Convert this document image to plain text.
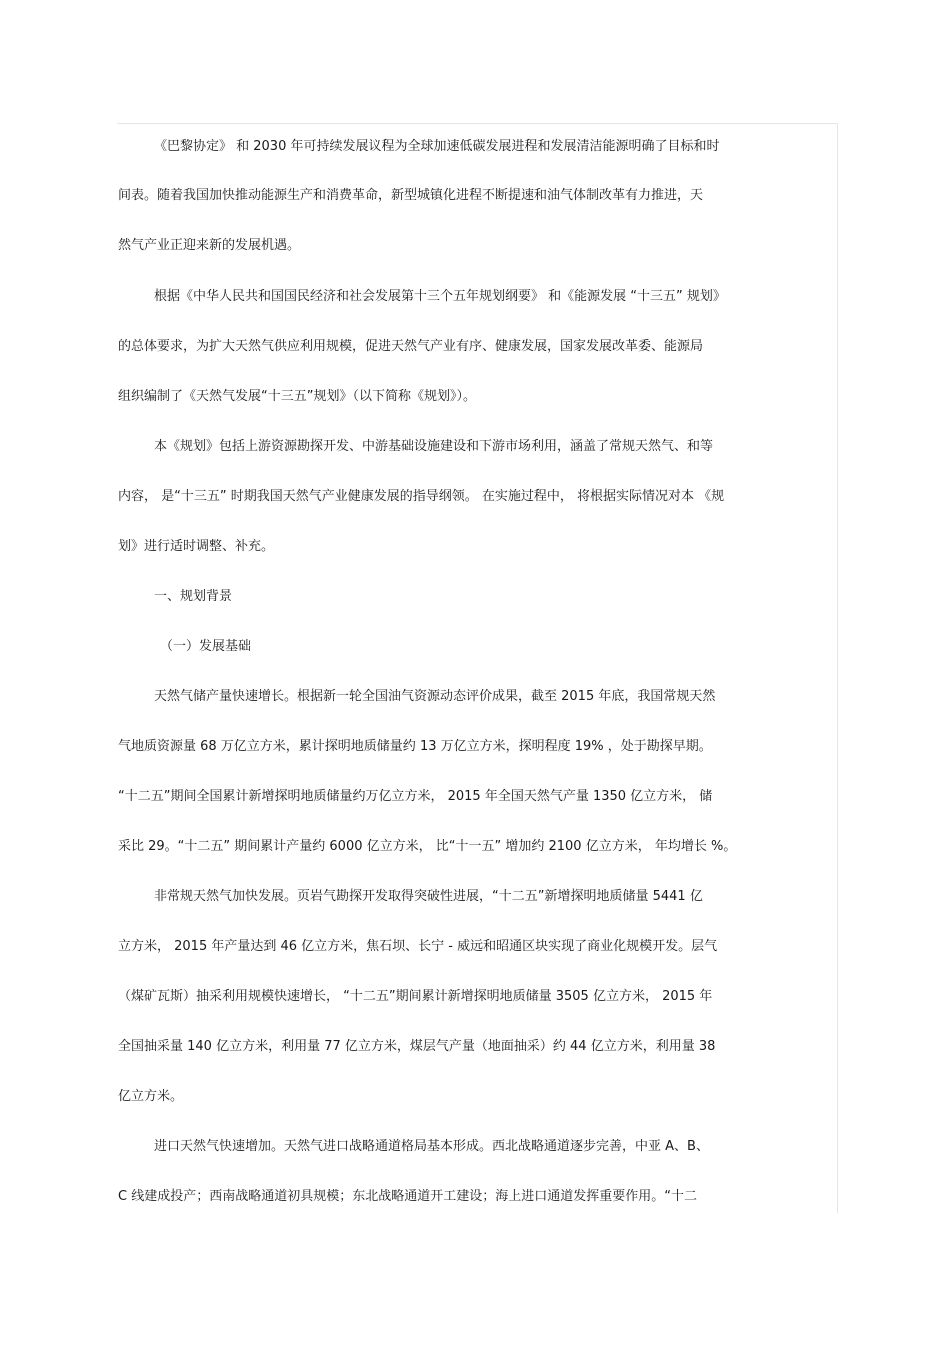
《巴黎协定》 和 2030 年可持续发展议程为全球加速低碳发展进程和发展清洁能源明确了目标和时
间表。随着我国加快推动能源生产和消费革命，新型城镇化进程不断提速和油气体制改革有力推进，天
然气产业正迎来新的发展机遇。
根据《中华人民共和国国民经济和社会发展第十三个五年规划纲要》 和《能源发展 “十三五” 规划》
的总体要求，为扩大天然气供应利用规模，促进天然气产业有序、健康发展，国家发展改革委、能源局
组织编制了《天然气发展“十三五”规划》（以下简称《规划》）。
本《规划》包括上游资源勘探开发、中游基础设施建设和下游市场利用，涵盖了常规天然气、和等
内容， 是“十三五” 时期我国天然气产业健康发展的指导纲领。 在实施过程中， 将根据实际情况对本 《规
划》进行适时调整、补充。
一、规划背景
（一）发展基础
天然气储产量快速增长。根据新一轮全国油气资源动态评价成果，截至 2015 年底，我国常规天然
气地质资源量 68 万亿立方米，累计探明地质储量约 13 万亿立方米，探明程度 19% ，处于勘探早期。
“十二五”期间全国累计新增探明地质储量约万亿立方米， 2015 年全国天然气产量 1350 亿立方米， 储
采比 29。“十二五” 期间累计产量约 6000 亿立方米， 比“十一五” 增加约 2100 亿立方米， 年均增长 %。
非常规天然气加快发展。页岩气勘探开发取得突破性进展，“十二五”新增探明地质储量 5441 亿
立方米， 2015 年产量达到 46 亿立方米，焦石坝、长宁 - 威远和昭通区块实现了商业化规模开发。层气
（煤矿瓦斯）抽采利用规模快速增长， “十二五”期间累计新增探明地质储量 3505 亿立方米， 2015 年
全国抽采量 140 亿立方米，利用量 77 亿立方米，煤层气产量（地面抽采）约 44 亿立方米，利用量 38
亿立方米。
进口天然气快速增加。天然气进口战略通道格局基本形成。西北战略通道逐步完善，中亚 A、B、
C 线建成投产；西南战略通道初具规模；东北战略通道开工建设；海上进口通道发挥重要作用。“十二
